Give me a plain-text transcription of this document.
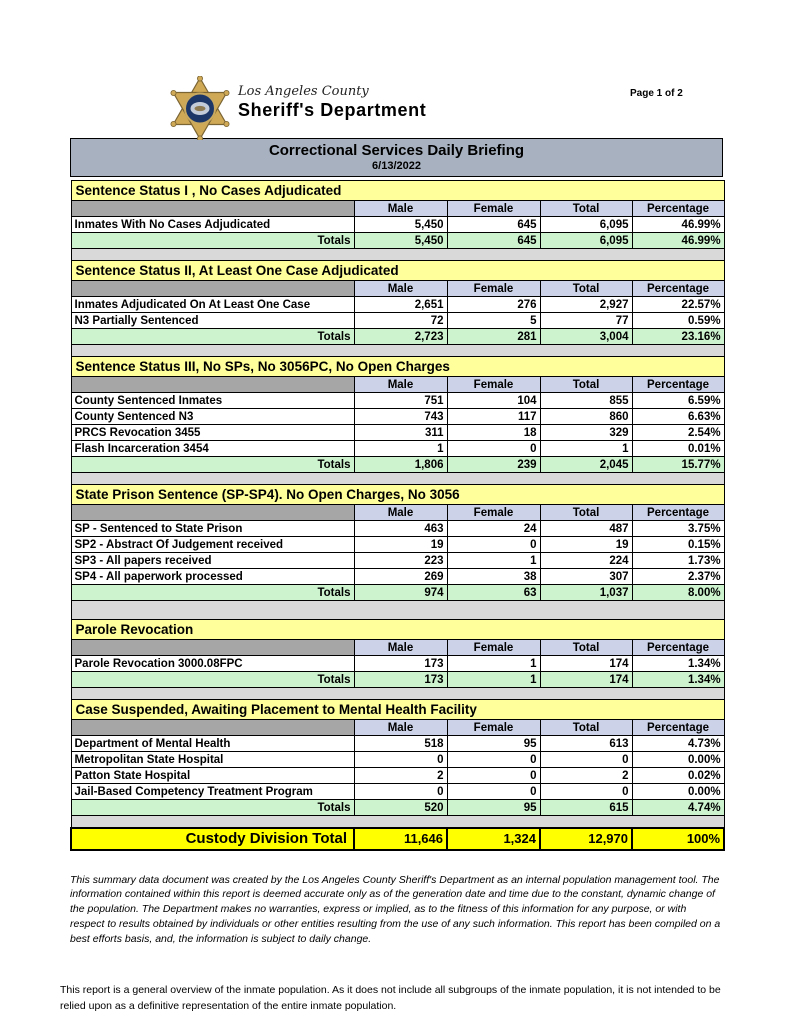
Los Angeles County
Sheriff's Department
Page 1 of 2
Correctional Services Daily Briefing
6/13/2022
Sentence Status I , No Cases Adjudicated				
	Male	Female	Total	Percentage
Inmates With No Cases Adjudicated	5,450	645	6,095	46.99%
Totals	5,450	645	6,095	46.99%

Sentence Status II, At Least One Case Adjudicated				
	Male	Female	Total	Percentage
Inmates Adjudicated On At Least One Case	2,651	276	2,927	22.57%
N3 Partially Sentenced	72	5	77	0.59%
Totals	2,723	281	3,004	23.16%

Sentence Status III, No SPs, No 3056PC, No Open Charges				
	Male	Female	Total	Percentage
County Sentenced Inmates	751	104	855	6.59%
County Sentenced N3	743	117	860	6.63%
PRCS Revocation 3455	311	18	329	2.54%
Flash Incarceration 3454	1	0	1	0.01%
Totals	1,806	239	2,045	15.77%

State Prison Sentence (SP-SP4). No Open Charges, No 3056				
	Male	Female	Total	Percentage
SP - Sentenced to State Prison	463	24	487	3.75%
SP2 - Abstract Of Judgement received	19	0	19	0.15%
SP3 - All papers received	223	1	224	1.73%
SP4 - All paperwork processed	269	38	307	2.37%
Totals	974	63	1,037	8.00%

Parole Revocation				
	Male	Female	Total	Percentage
Parole Revocation 3000.08FPC	173	1	174	1.34%
Totals	173	1	174	1.34%

Case Suspended, Awaiting Placement to Mental Health Facility				
	Male	Female	Total	Percentage
Department of Mental Health	518	95	613	4.73%
Metropolitan State Hospital	0	0	0	0.00%
Patton State Hospital	2	0	2	0.02%
Jail-Based Competency Treatment Program	0	0	0	0.00%
Totals	520	95	615	4.74%

Custody Division Total	11,646	1,324	12,970	100%

This summary data document was created by the Los Angeles County Sheriff's Department as an internal population management tool. The information contained within this report is deemed accurate only as of the generation date and time due to the constant, dynamic change of the population. The Department makes no warranties, express or implied, as to the fitness of this information for any purpose, or with respect to results obtained by individuals or other entities resulting from the use of any such information. This report has been compiled on a best efforts basis, and, the information is subject to daily change.

This report is a general overview of the inmate population. As it does not include all subgroups of the inmate population, it is not intended to be relied upon as a definitive representation of the entire inmate population.
